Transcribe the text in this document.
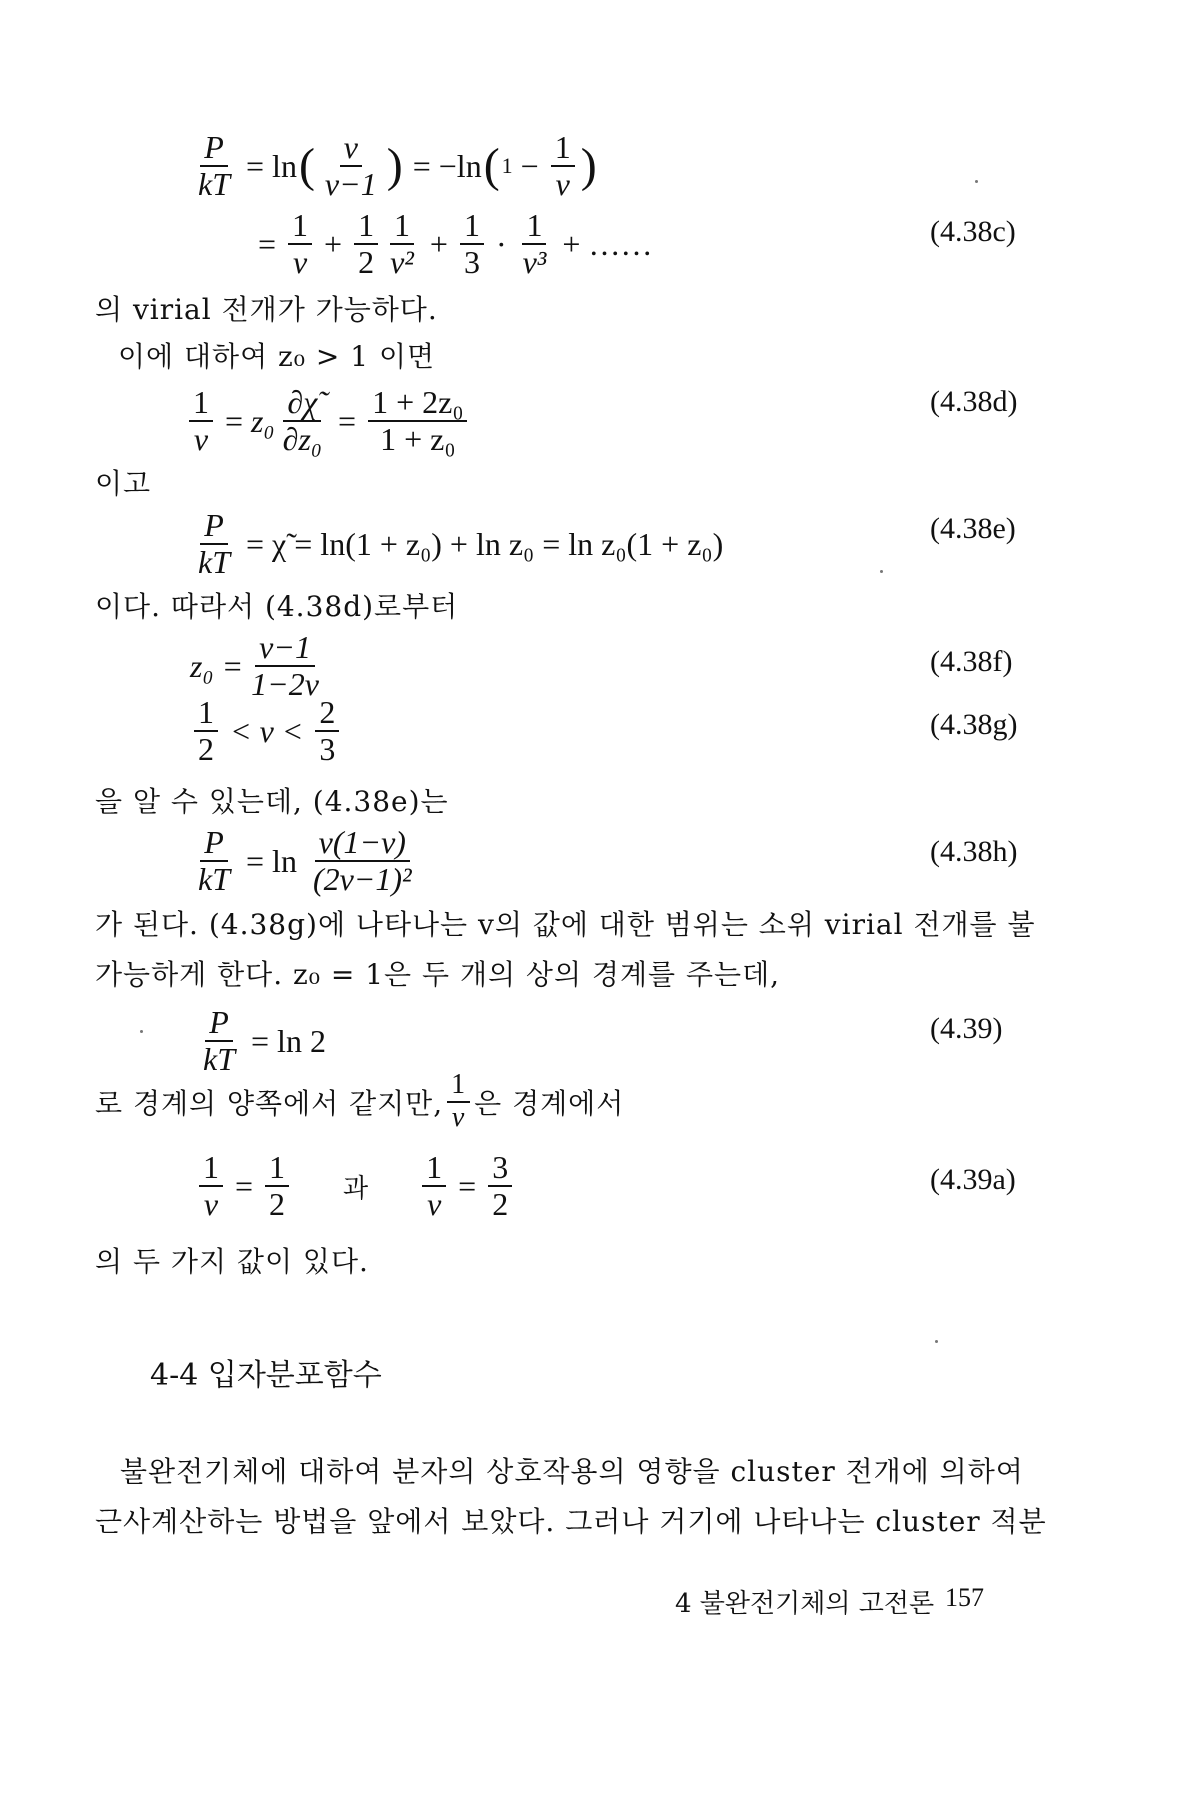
$\frac{P}{kT} = \ln$ ( $\frac{v}{v-1}$ ) = −ln ( $1 - \frac{1}{v}$ )
= $\frac{1}{v} + \frac{1}{2} \frac{1}{\text{v²}} + \frac{1}{3} \cdot \frac{1}{\text{v³}}$ + ……	(4.38c)
의 virial 전개가 가능하다.
이에 대하여 z₀ > 1 이면
$\frac{1}{v} = z_0 \frac{\partial\chĩ}{\text{∂z₀}} = \frac{\text{1 + 2z₀}}{\text{1 + z₀}}$	(4.38d)
이고
$\frac{P}{kT}$ = χ̃ = ln(1 + z₀) + ln z₀ = ln z₀(1 + z₀)	(4.38e)
이다. 따라서 (4.38d)로부터
$z_0 = \frac{v-1}{1-2v}$	(4.38f)
$\frac{1}{2} < v < \frac{2}{3}$	(4.38g)
을 알 수 있는데, (4.38e)는
$\frac{P}{kT} = \ln \frac{v(1-v)}{\text{(2v−1)²}}$	(4.38h)
가 된다. (4.38g)에 나타나는 v의 값에 대한 범위는 소위 virial 전개를 불
가능하게 한다. z₀ = 1은 두 개의 상의 경계를 주는데,
$\frac{P}{kT} = \ln 2$	(4.39)
로 경계의 양쪽에서 같지만, $\frac{1}{v}$ 은 경계에서
$\frac{1}{v} = \frac{1}{2}$ 과 $\frac{1}{v} = \frac{3}{2}$	(4.39a)
의 두 가지 값이 있다.
4-4 입자분포함수
불완전기체에 대하여 분자의 상호작용의 영향을 cluster 전개에 의하여
근사계산하는 방법을 앞에서 보았다. 그러나 거기에 나타나는 cluster 적분
4 불완전기체의 고전론 157
